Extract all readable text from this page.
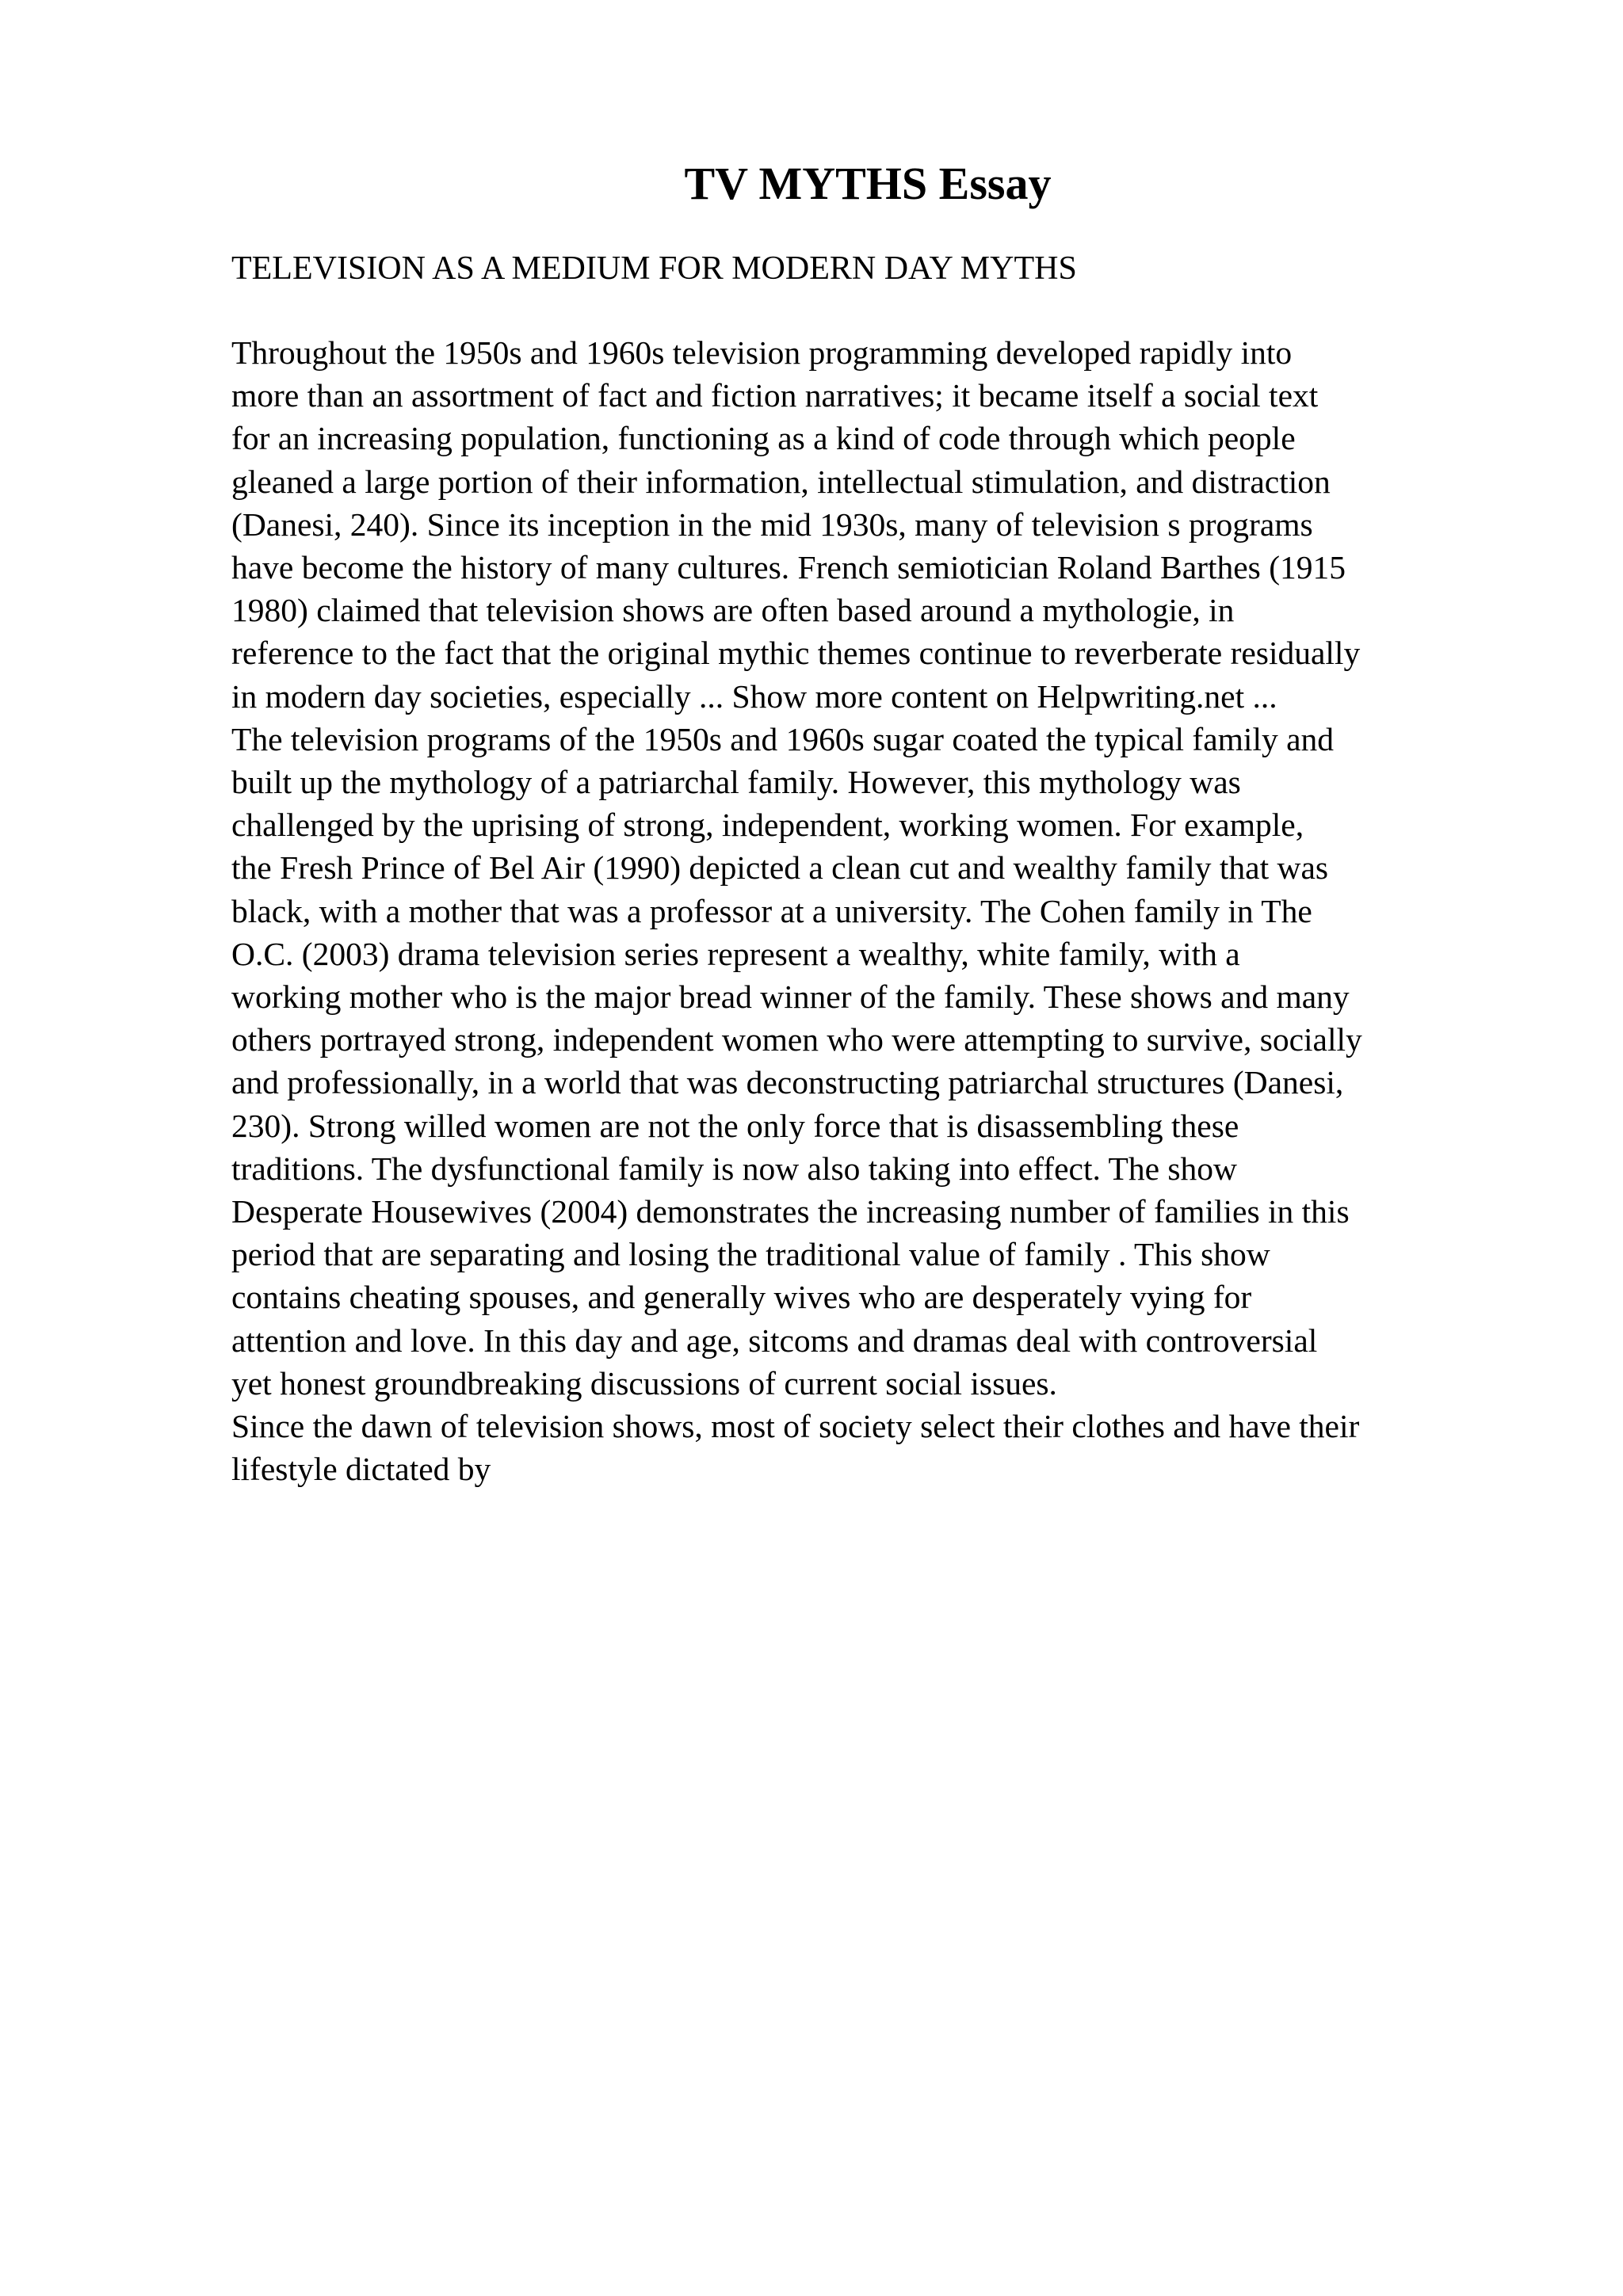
TV MYTHS Essay

TELEVISION AS A MEDIUM FOR MODERN DAY MYTHS

Throughout the 1950s and 1960s television programming developed rapidly into
more than an assortment of fact and fiction narratives; it became itself a social text
for an increasing population, functioning as a kind of code through which people
gleaned a large portion of their information, intellectual stimulation, and distraction
(Danesi, 240). Since its inception in the mid 1930s, many of television s programs
have become the history of many cultures. French semiotician Roland Barthes (1915
1980) claimed that television shows are often based around a mythologie, in
reference to the fact that the original mythic themes continue to reverberate residually
in modern day societies, especially ... Show more content on Helpwriting.net ...
The television programs of the 1950s and 1960s sugar coated the typical family and
built up the mythology of a patriarchal family. However, this mythology was
challenged by the uprising of strong, independent, working women. For example,
the Fresh Prince of Bel Air (1990) depicted a clean cut and wealthy family that was
black, with a mother that was a professor at a university. The Cohen family in The
O.C. (2003) drama television series represent a wealthy, white family, with a
working mother who is the major bread winner of the family. These shows and many
others portrayed strong, independent women who were attempting to survive, socially
and professionally, in a world that was deconstructing patriarchal structures (Danesi,
230). Strong willed women are not the only force that is disassembling these
traditions. The dysfunctional family is now also taking into effect. The show
Desperate Housewives (2004) demonstrates the increasing number of families in this
period that are separating and losing the traditional value of family . This show
contains cheating spouses, and generally wives who are desperately vying for
attention and love. In this day and age, sitcoms and dramas deal with controversial
yet honest groundbreaking discussions of current social issues.
Since the dawn of television shows, most of society select their clothes and have their
lifestyle dictated by
